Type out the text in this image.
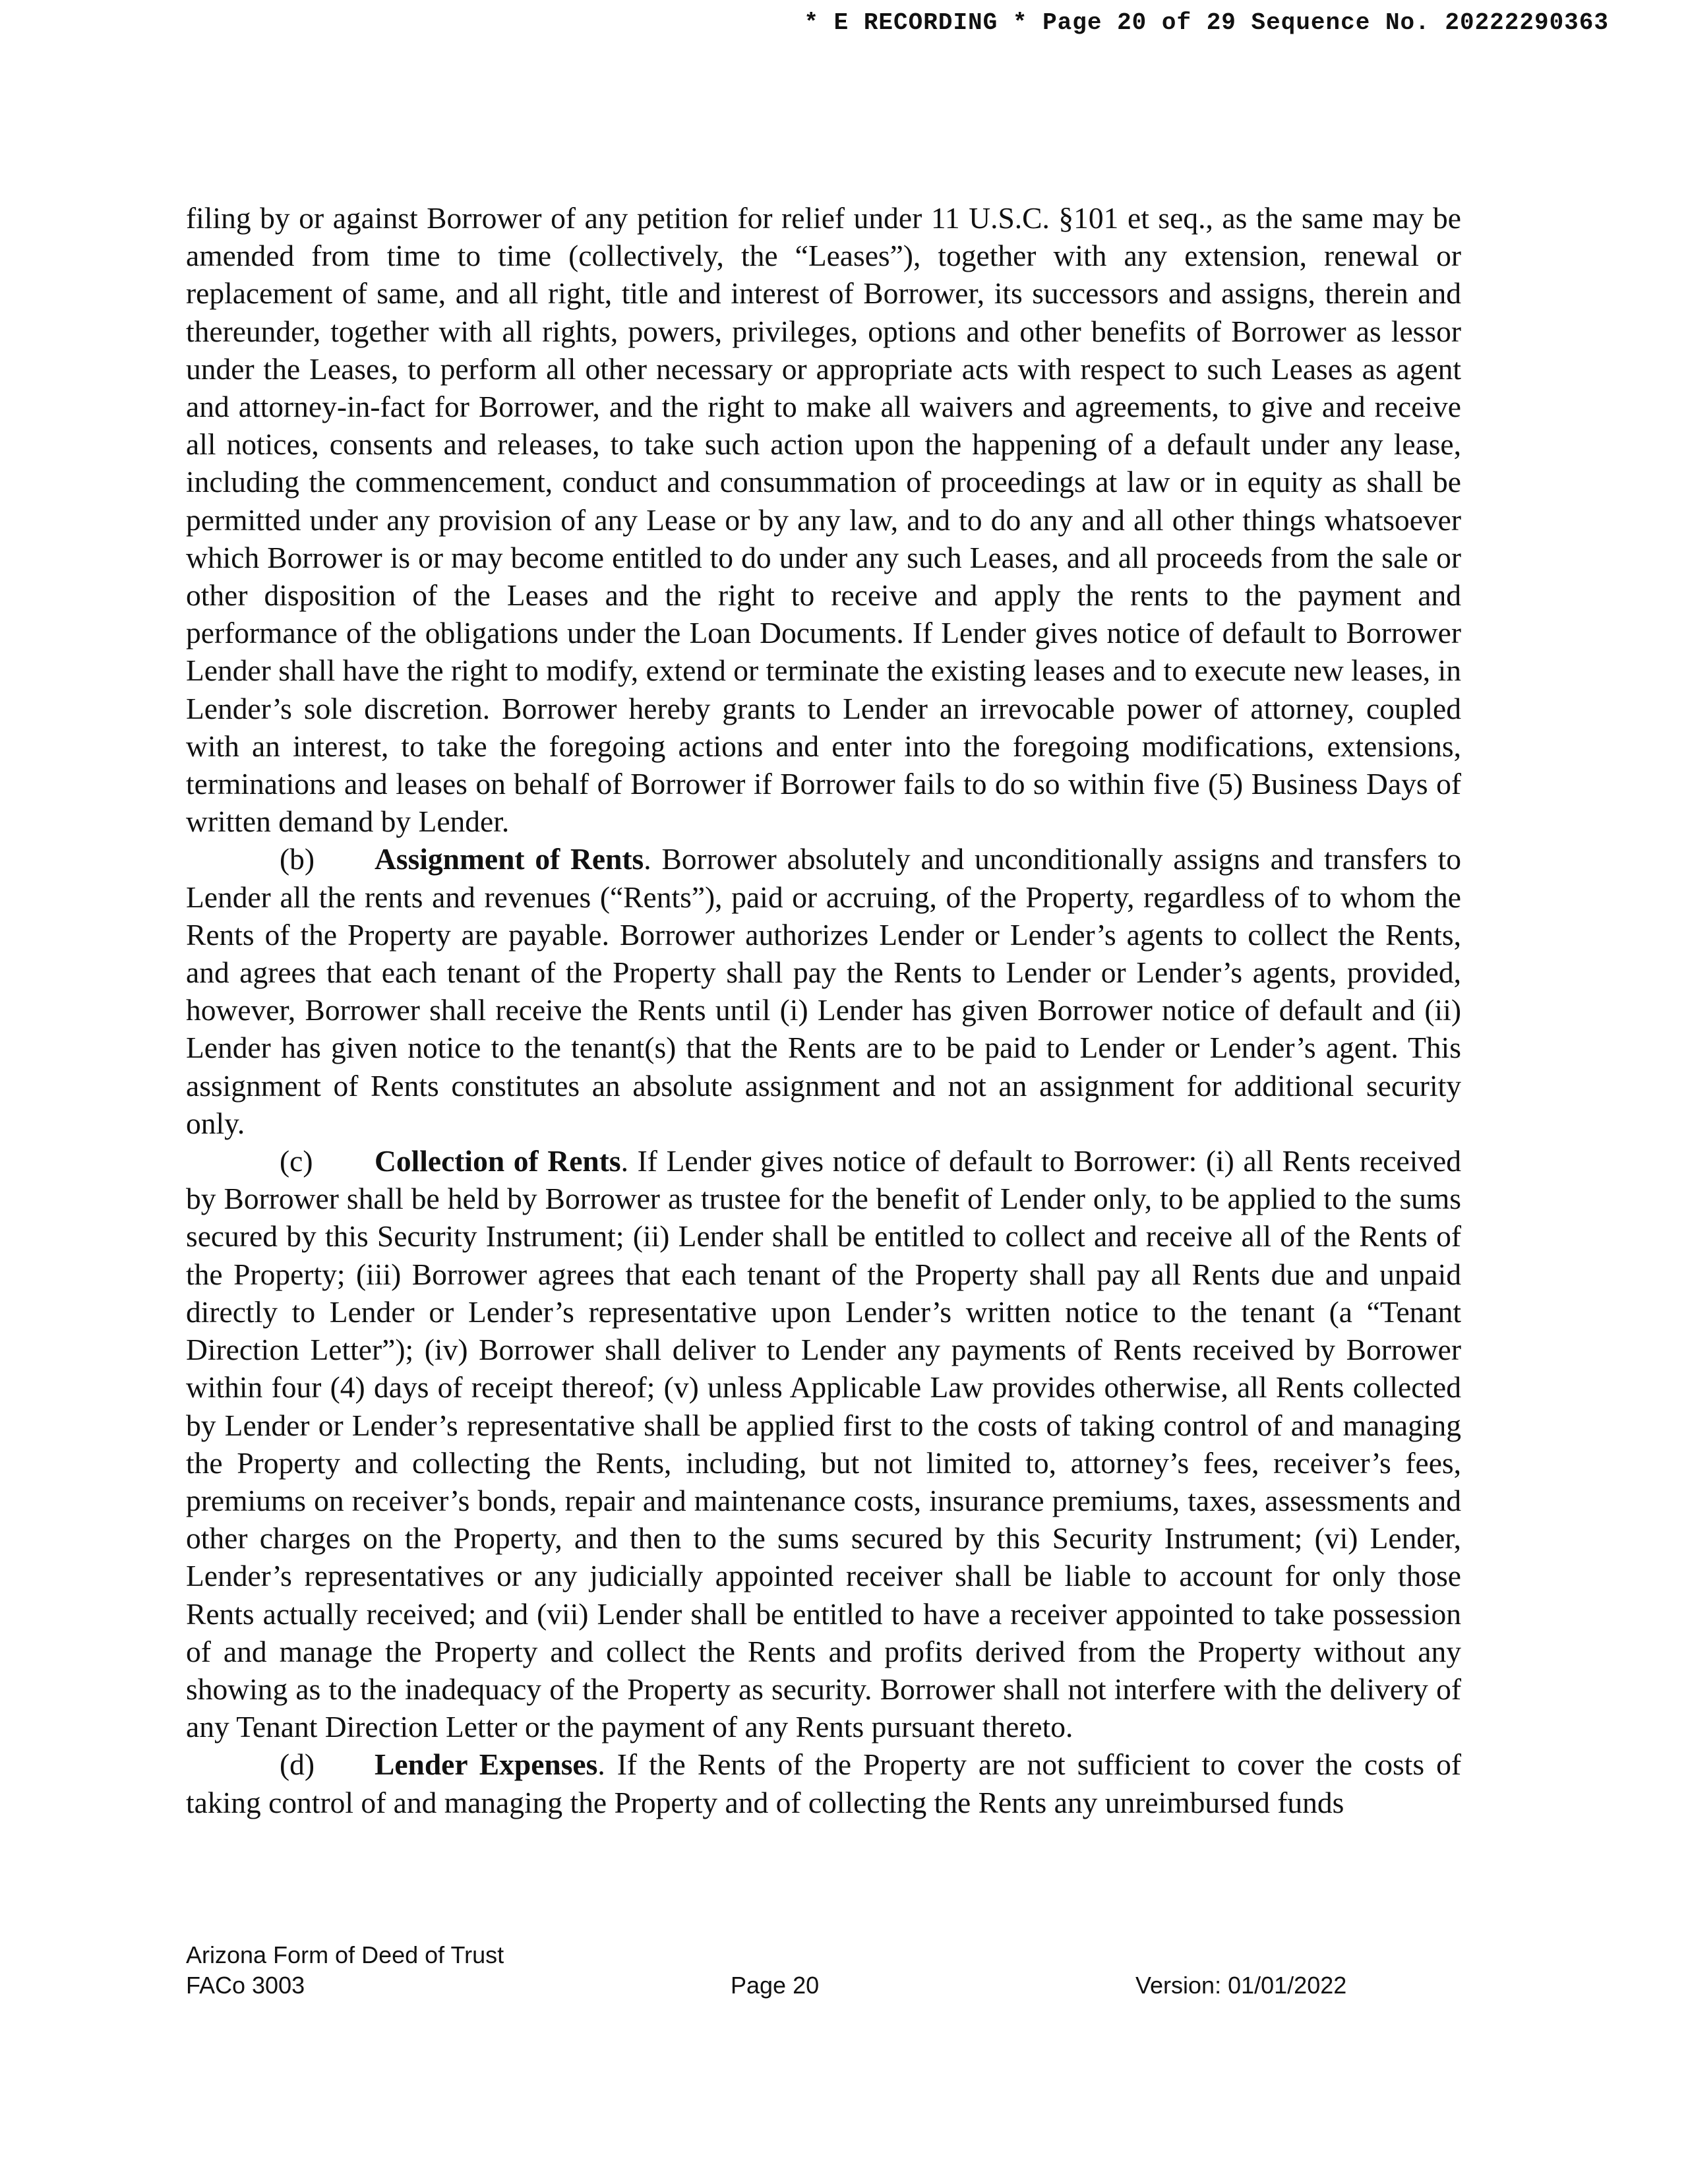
* E RECORDING * Page 20 of 29 Sequence No. 20222290363

filing by or against Borrower of any petition for relief under 11 U.S.C. §101 et seq., as the same may be amended from time to time (collectively, the “Leases”), together with any extension, renewal or replacement of same, and all right, title and interest of Borrower, its successors and assigns, therein and thereunder, together with all rights, powers, privileges, options and other benefits of Borrower as lessor under the Leases, to perform all other necessary or appropriate acts with respect to such Leases as agent and attorney-in-fact for Borrower, and the right to make all waivers and agreements, to give and receive all notices, consents and releases, to take such action upon the happening of a default under any lease, including the commencement, conduct and consummation of proceedings at law or in equity as shall be permitted under any provision of any Lease or by any law, and to do any and all other things whatsoever which Borrower is or may become entitled to do under any such Leases, and all proceeds from the sale or other disposition of the Leases and the right to receive and apply the rents to the payment and performance of the obligations under the Loan Documents. If Lender gives notice of default to Borrower Lender shall have the right to modify, extend or terminate the existing leases and to execute new leases, in Lender’s sole discretion. Borrower hereby grants to Lender an irrevocable power of attorney, coupled with an interest, to take the foregoing actions and enter into the foregoing modifications, extensions, terminations and leases on behalf of Borrower if Borrower fails to do so within five (5) Business Days of written demand by Lender.

(b) Assignment of Rents. Borrower absolutely and unconditionally assigns and transfers to Lender all the rents and revenues (“Rents”), paid or accruing, of the Property, regardless of to whom the Rents of the Property are payable. Borrower authorizes Lender or Lender’s agents to collect the Rents, and agrees that each tenant of the Property shall pay the Rents to Lender or Lender’s agents, provided, however, Borrower shall receive the Rents until (i) Lender has given Borrower notice of default and (ii) Lender has given notice to the tenant(s) that the Rents are to be paid to Lender or Lender’s agent. This assignment of Rents constitutes an absolute assignment and not an assignment for additional security only.

(c) Collection of Rents. If Lender gives notice of default to Borrower: (i) all Rents received by Borrower shall be held by Borrower as trustee for the benefit of Lender only, to be applied to the sums secured by this Security Instrument; (ii) Lender shall be entitled to collect and receive all of the Rents of the Property; (iii) Borrower agrees that each tenant of the Property shall pay all Rents due and unpaid directly to Lender or Lender’s representative upon Lender’s written notice to the tenant (a “Tenant Direction Letter”); (iv) Borrower shall deliver to Lender any payments of Rents received by Borrower within four (4) days of receipt thereof; (v) unless Applicable Law provides otherwise, all Rents collected by Lender or Lender’s representative shall be applied first to the costs of taking control of and managing the Property and collecting the Rents, including, but not limited to, attorney’s fees, receiver’s fees, premiums on receiver’s bonds, repair and maintenance costs, insurance premiums, taxes, assessments and other charges on the Property, and then to the sums secured by this Security Instrument; (vi) Lender, Lender’s representatives or any judicially appointed receiver shall be liable to account for only those Rents actually received; and (vii) Lender shall be entitled to have a receiver appointed to take possession of and manage the Property and collect the Rents and profits derived from the Property without any showing as to the inadequacy of the Property as security. Borrower shall not interfere with the delivery of any Tenant Direction Letter or the payment of any Rents pursuant thereto.

(d) Lender Expenses. If the Rents of the Property are not sufficient to cover the costs of taking control of and managing the Property and of collecting the Rents any unreimbursed funds

Arizona Form of Deed of Trust
FACo 3003	Page 20	Version: 01/01/2022
